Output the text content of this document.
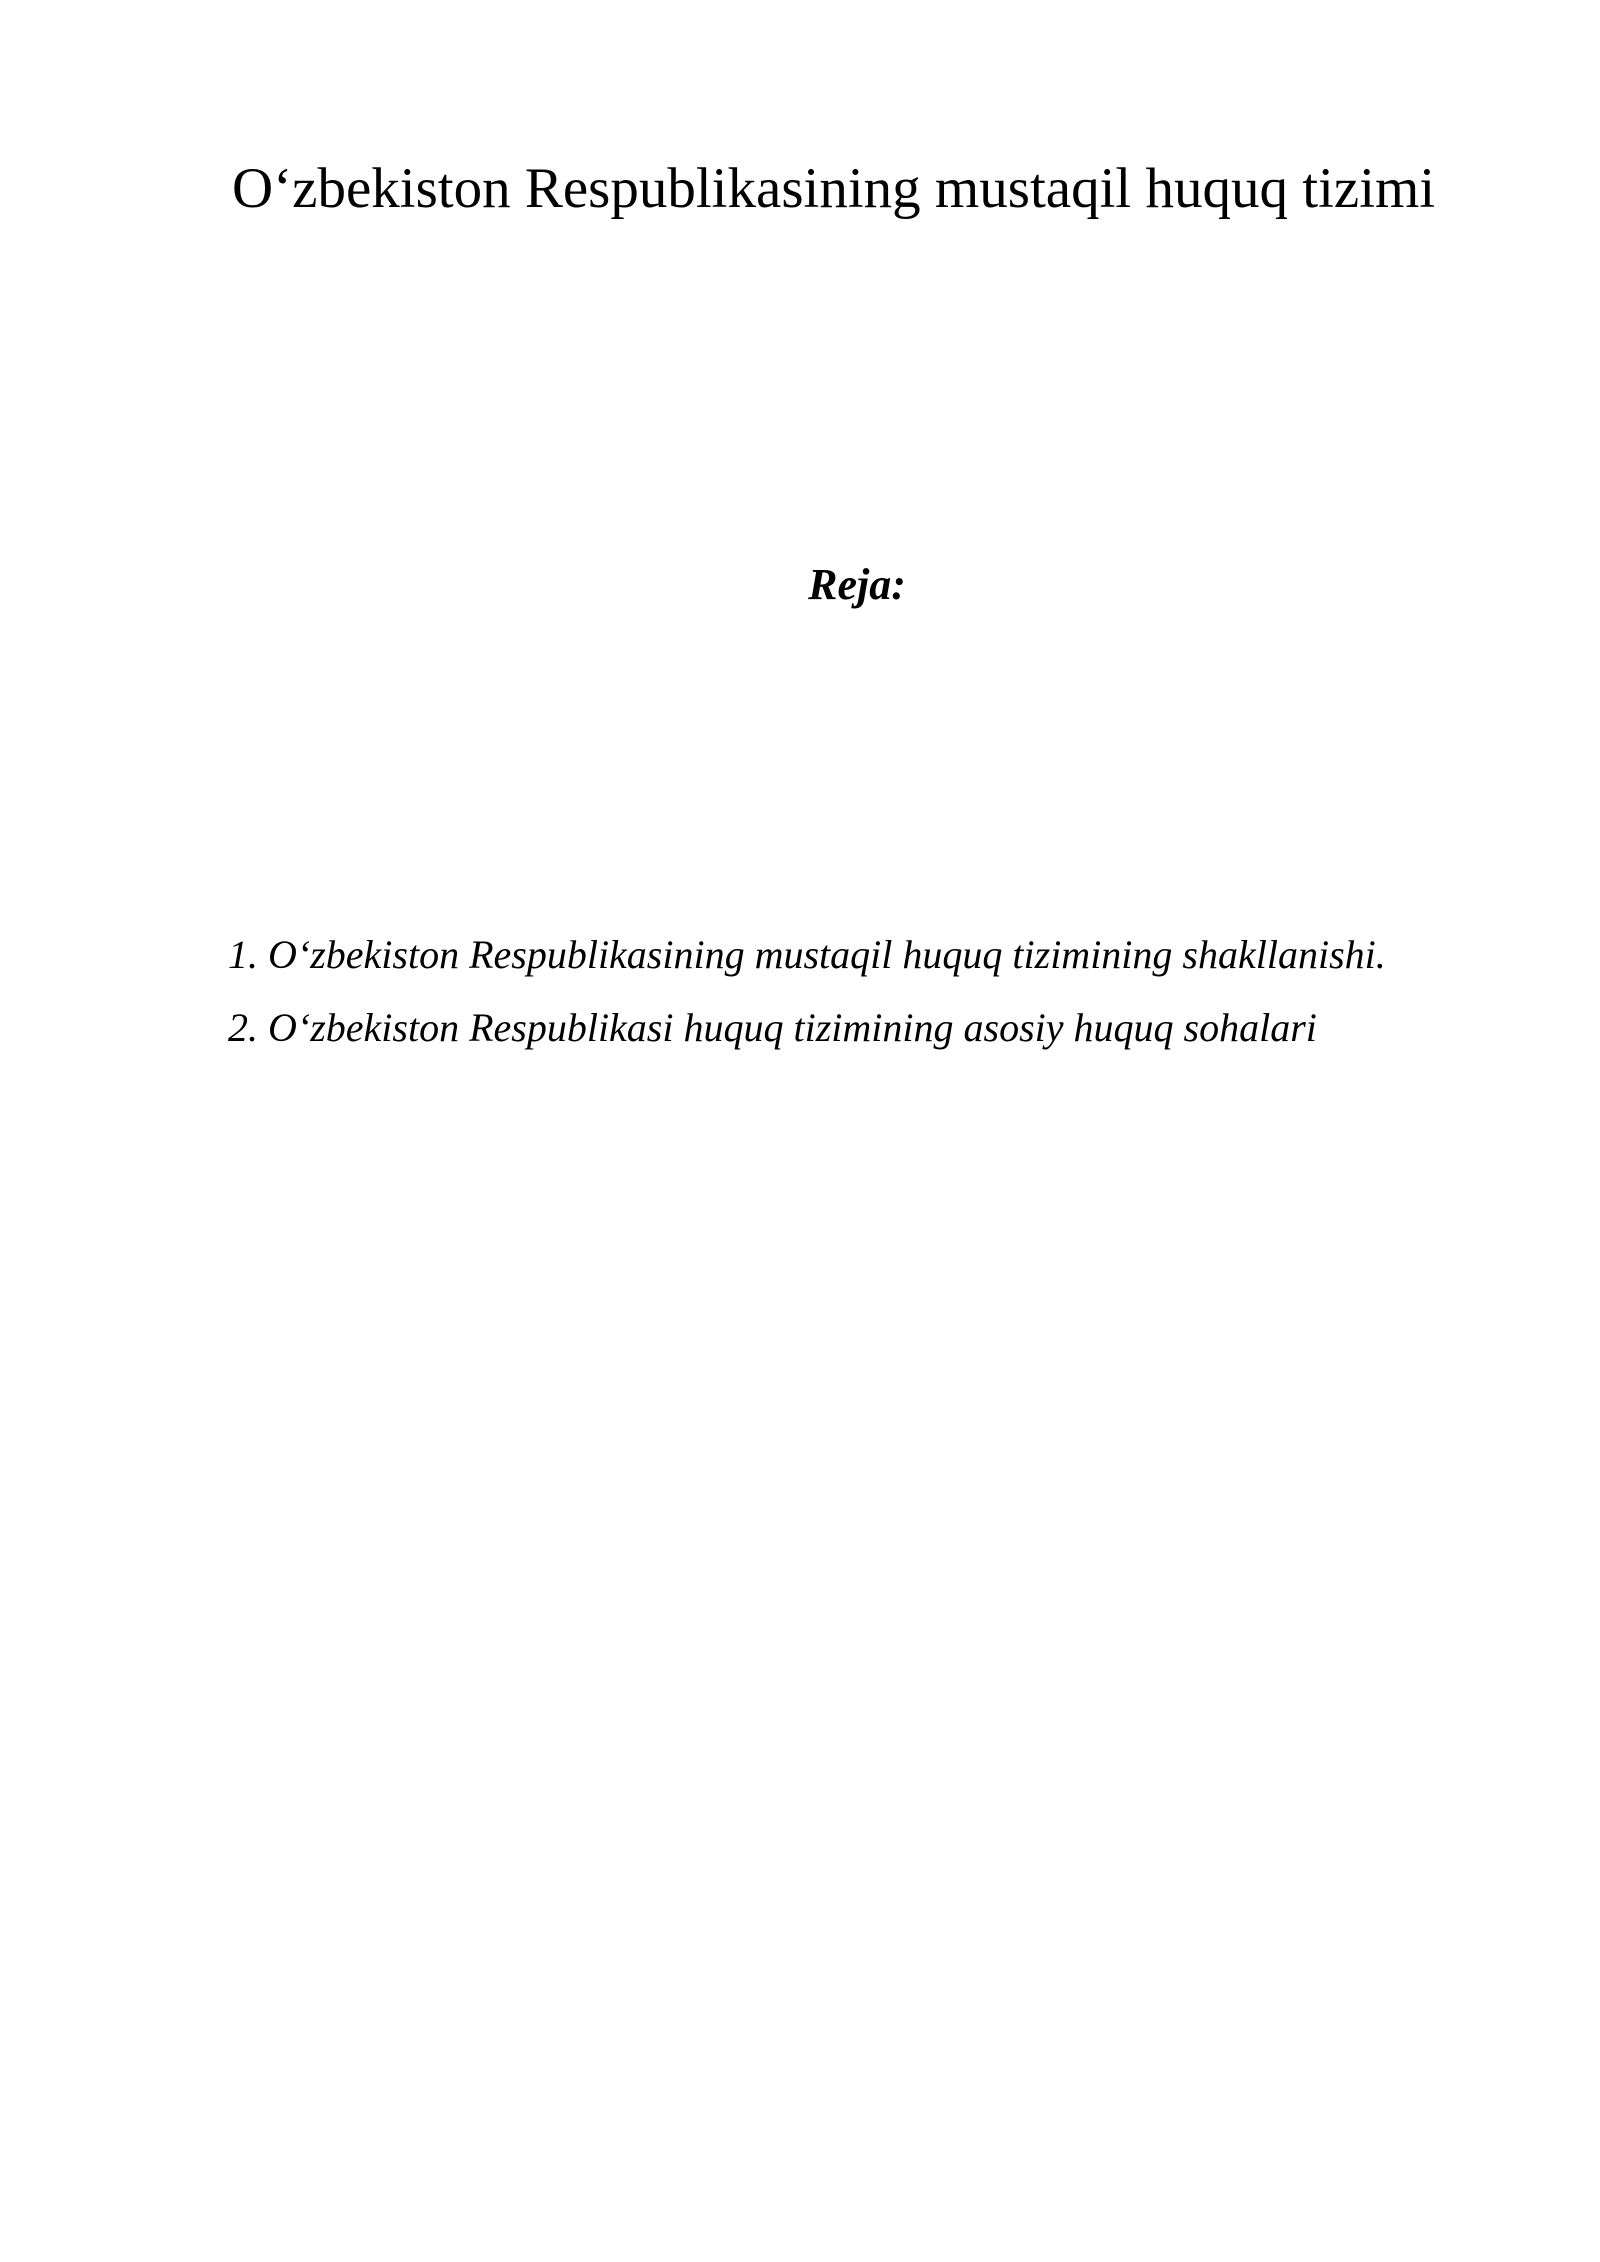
O‘zbekiston Respublikasining mustaqil huquq tizimi
Reja:
1. O‘zbekiston Respublikasining mustaqil huquq tizimining shakllanishi.
2. O‘zbekiston Respublikasi huquq tizimining asosiy huquq sohalari
